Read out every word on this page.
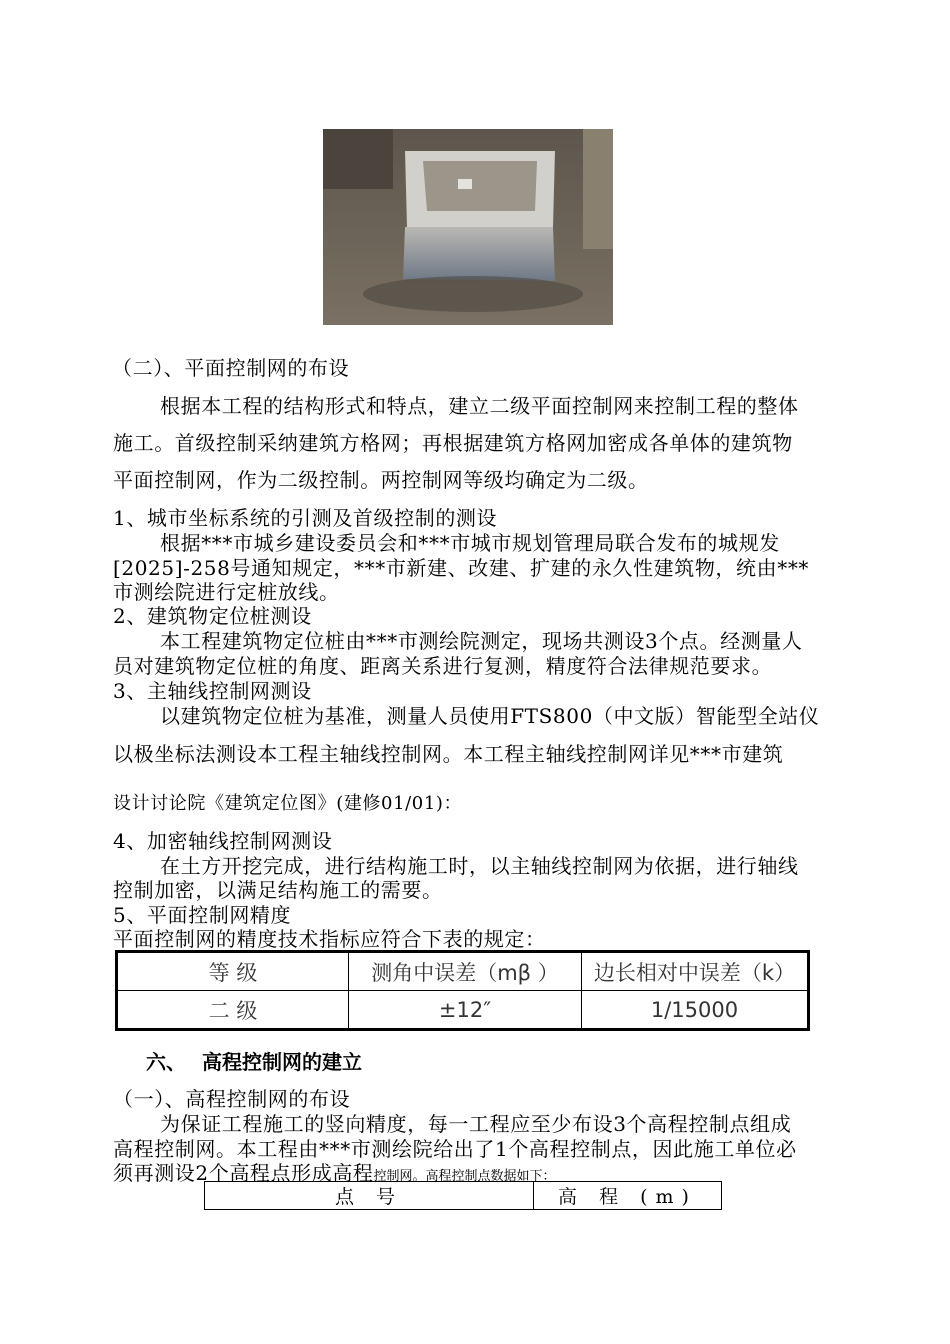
（二）、平面控制网的布设
根据本工程的结构形式和特点，建立二级平面控制网来控制工程的整体
施工。首级控制采纳建筑方格网；再根据建筑方格网加密成各单体的建筑物
平面控制网，作为二级控制。两控制网等级均确定为二级。
1、城市坐标系统的引测及首级控制的测设
根据***市城乡建设委员会和***市城市规划管理局联合发布的城规发
[2025]-258号通知规定，***市新建、改建、扩建的永久性建筑物，统由***
市测绘院进行定桩放线。
2、建筑物定位桩测设
本工程建筑物定位桩由***市测绘院测定，现场共测设3个点。经测量人
员对建筑物定位桩的角度、距离关系进行复测，精度符合法律规范要求。
3、主轴线控制网测设
以建筑物定位桩为基准，测量人员使用FTS800（中文版）智能型全站仪
以极坐标法测设本工程主轴线控制网。本工程主轴线控制网详见***市建筑
设计讨论院《建筑定位图》(建修01/01)：
4、加密轴线控制网测设
在土方开挖完成，进行结构施工时，以主轴线控制网为依据，进行轴线
控制加密，以满足结构施工的需要。
5、平面控制网精度
平面控制网的精度技术指标应符合下表的规定：
等 级	测角中误差（mβ ）	边长相对中误差（k）
二 级	±12″	1/15000
六、 高程控制网的建立
（一）、高程控制网的布设
为保证工程施工的竖向精度，每一工程应至少布设3个高程控制点组成
高程控制网。本工程由***市测绘院给出了1个高程控制点，因此施工单位必
须再测设2个高程点形成高程控制网。高程控制点数据如下：
点 号	高 程 (m)
